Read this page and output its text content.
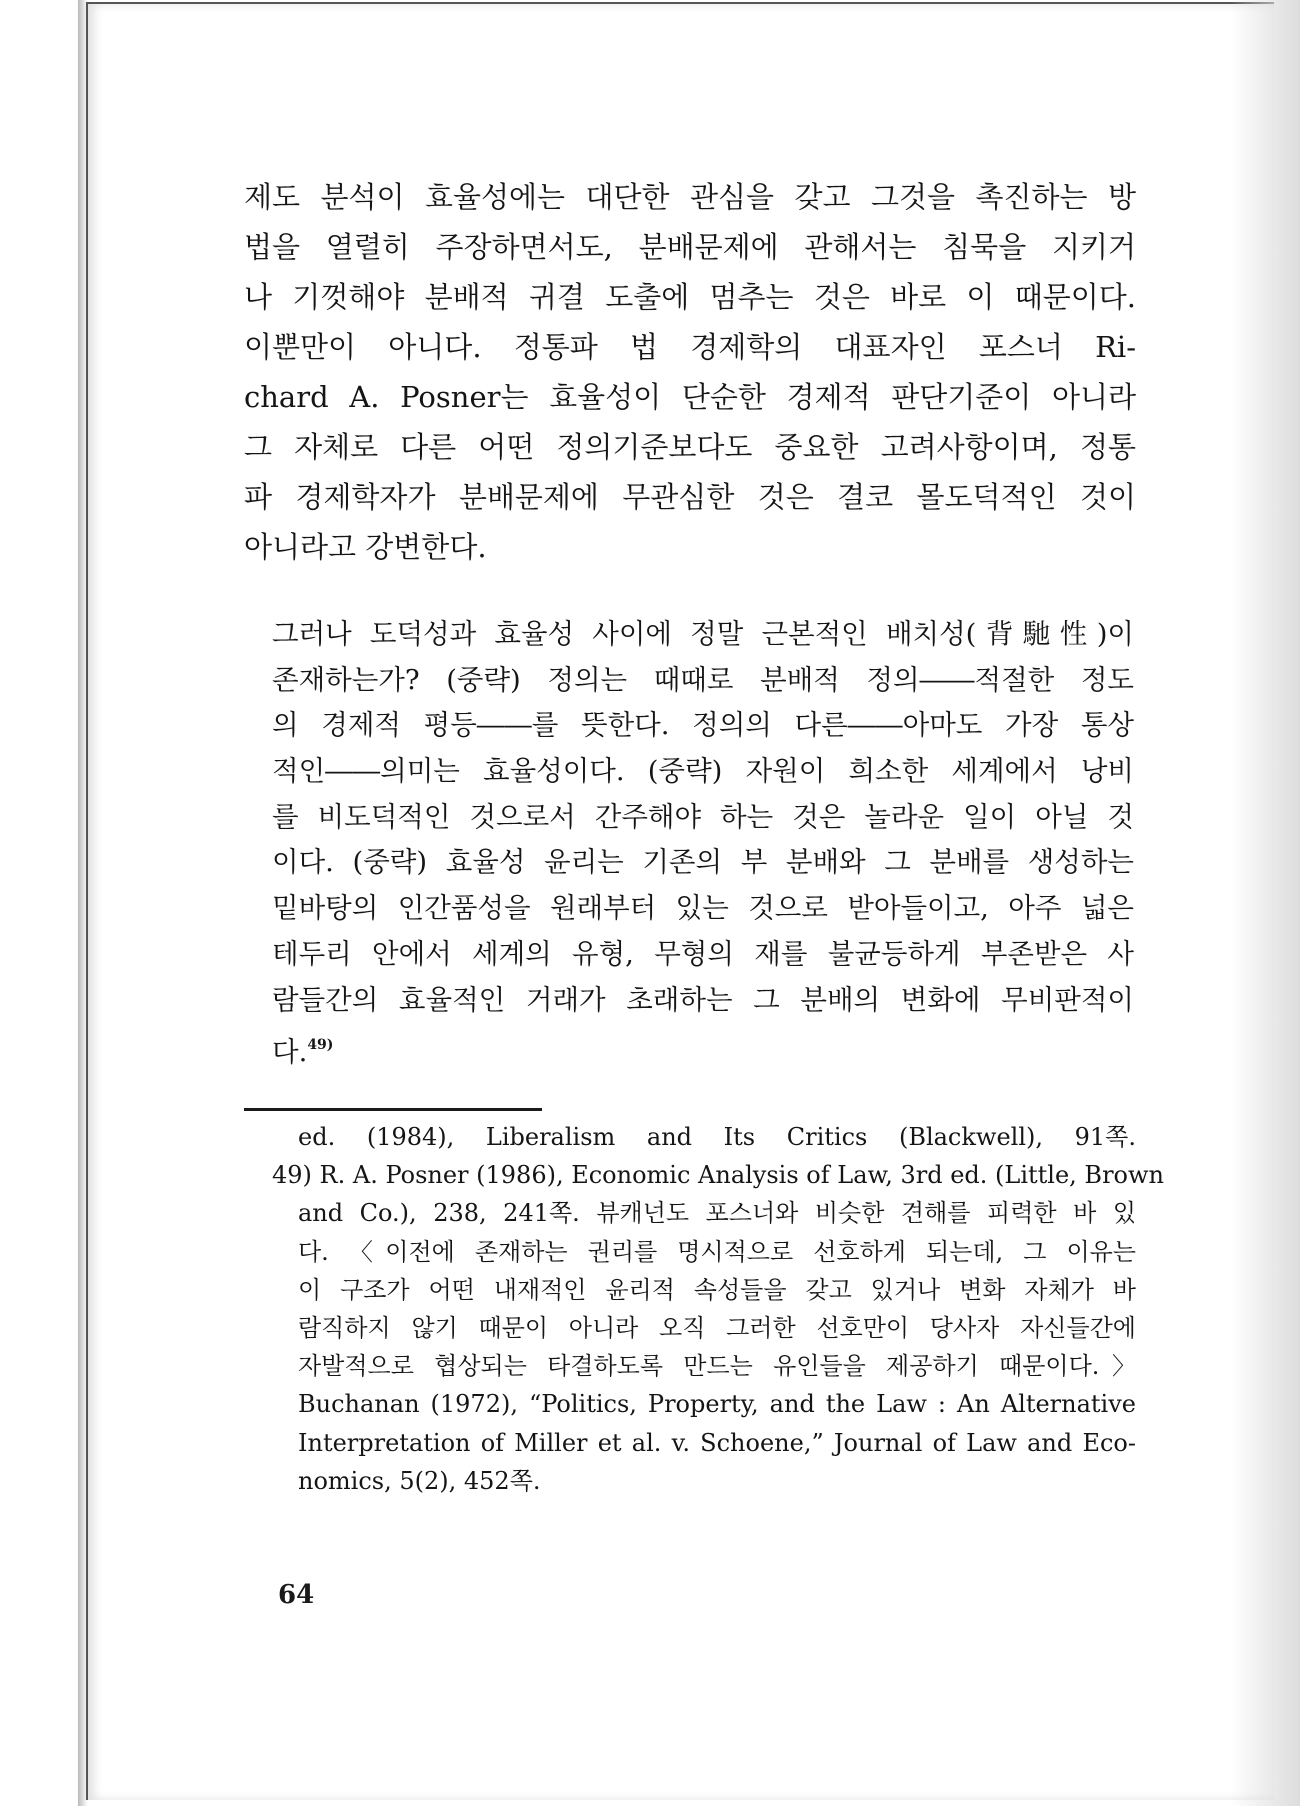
제도 분석이 효율성에는 대단한 관심을 갖고 그것을 촉진하는 방
법을 열렬히 주장하면서도, 분배문제에 관해서는 침묵을 지키거
나 기껏해야 분배적 귀결 도출에 멈추는 것은 바로 이 때문이다.
이뿐만이 아니다. 정통파 법 경제학의 대표자인 포스너 Ri-
chard A. Posner는 효율성이 단순한 경제적 판단기준이 아니라
그 자체로 다른 어떤 정의기준보다도 중요한 고려사항이며, 정통
파 경제학자가 분배문제에 무관심한 것은 결코 몰도덕적인 것이
아니라고 강변한다.
그러나 도덕성과 효율성 사이에 정말 근본적인 배치성(背馳性)이
존재하는가? (중략) 정의는 때때로 분배적 정의――적절한 정도
의 경제적 평등――를 뜻한다. 정의의 다른――아마도 가장 통상
적인――의미는 효율성이다. (중략) 자원이 희소한 세계에서 낭비
를 비도덕적인 것으로서 간주해야 하는 것은 놀라운 일이 아닐 것
이다. (중략) 효율성 윤리는 기존의 부 분배와 그 분배를 생성하는
밑바탕의 인간품성을 원래부터 있는 것으로 받아들이고, 아주 넓은
테두리 안에서 세계의 유형, 무형의 재를 불균등하게 부존받은 사
람들간의 효율적인 거래가 초래하는 그 분배의 변화에 무비판적이
다.$^{49)}$
ed. (1984), Liberalism and Its Critics (Blackwell), 91쪽.
49) R. A. Posner (1986), Economic Analysis of Law, 3rd ed. (Little, Brown
and Co.), 238, 241쪽. 뷰캐넌도 포스너와 비슷한 견해를 피력한 바 있
다. 〈이전에 존재하는 권리를 명시적으로 선호하게 되는데, 그 이유는
이 구조가 어떤 내재적인 윤리적 속성들을 갖고 있거나 변화 자체가 바
람직하지 않기 때문이 아니라 오직 그러한 선호만이 당사자 자신들간에
자발적으로 협상되는 타결하도록 만드는 유인들을 제공하기 때문이다.〉
Buchanan (1972), “Politics, Property, and the Law : An Alternative
Interpretation of Miller et al. v. Schoene,” Journal of Law and Eco-
nomics, 5(2), 452쪽.
64
